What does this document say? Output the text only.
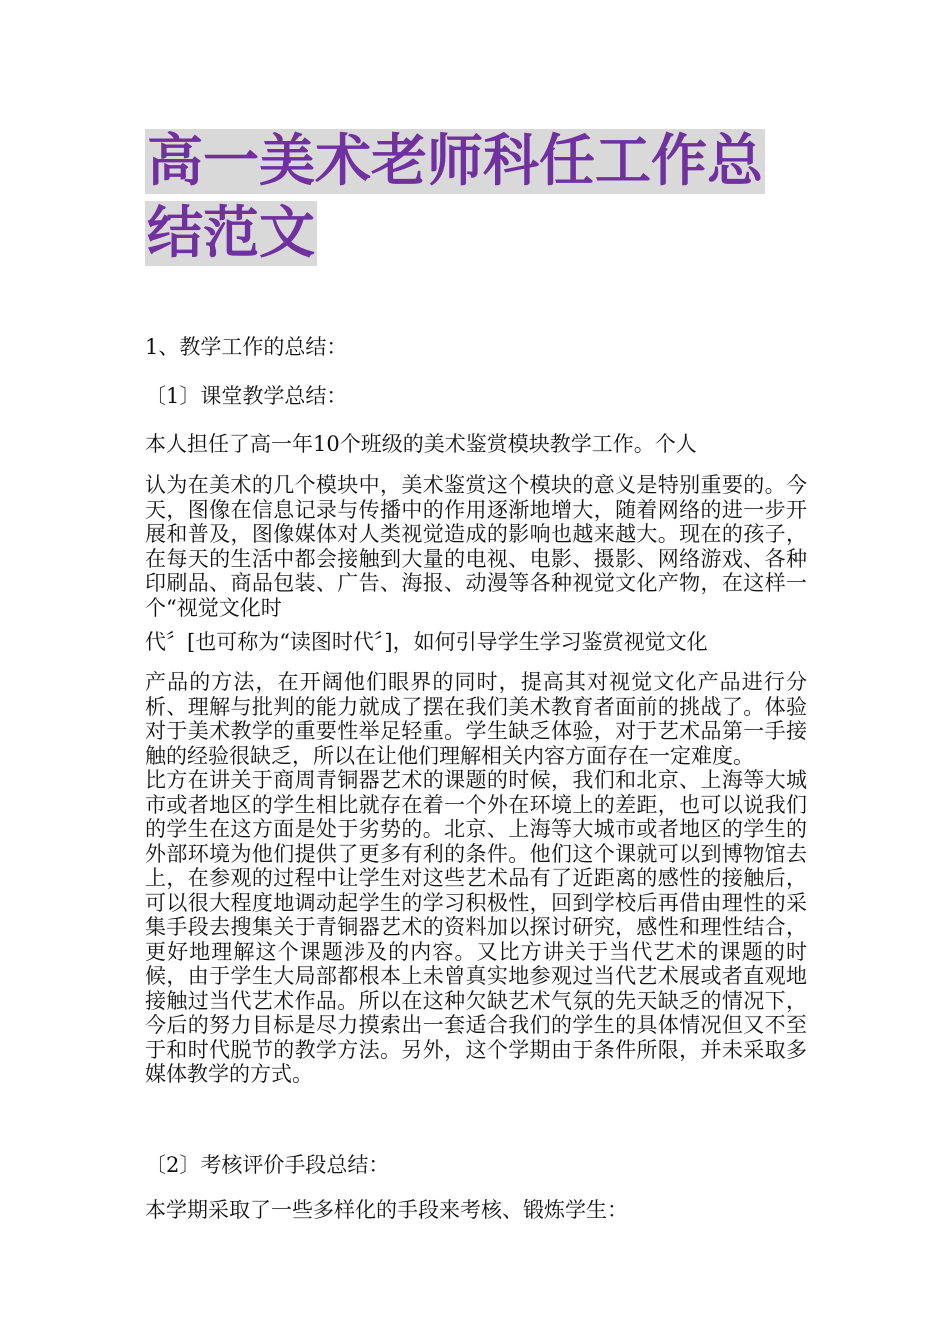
高一美术老师科任工作总结范文

1、教学工作的总结：

〔1〕课堂教学总结：

本人担任了高一年10个班级的美术鉴赏模块教学工作。个人

认为在美术的几个模块中，美术鉴赏这个模块的意义是特别重要的。今天，图像在信息记录与传播中的作用逐渐地增大，随着网络的进一步开展和普及，图像媒体对人类视觉造成的影响也越来越大。现在的孩子，在每天的生活中都会接触到大量的电视、电影、摄影、网络游戏、各种印刷品、商品包装、广告、海报、动漫等各种视觉文化产物，在这样一个“视觉文化时

代〞[也可称为“读图时代〞]，如何引导学生学习鉴赏视觉文化

产品的方法，在开阔他们眼界的同时，提高其对视觉文化产品进行分析、理解与批判的能力就成了摆在我们美术教育者面前的挑战了。体验对于美术教学的重要性举足轻重。学生缺乏体验，对于艺术品第一手接触的经验很缺乏，所以在让他们理解相关内容方面存在一定难度。

比方在讲关于商周青铜器艺术的课题的时候，我们和北京、上海等大城市或者地区的学生相比就存在着一个外在环境上的差距，也可以说我们的学生在这方面是处于劣势的。北京、上海等大城市或者地区的学生的外部环境为他们提供了更多有利的条件。他们这个课就可以到博物馆去上，在参观的过程中让学生对这些艺术品有了近距离的感性的接触后，可以很大程度地调动起学生的学习积极性，回到学校后再借由理性的采集手段去搜集关于青铜器艺术的资料加以探讨研究，感性和理性结合，更好地理解这个课题涉及的内容。又比方讲关于当代艺术的课题的时候，由于学生大局部都根本上未曾真实地参观过当代艺术展或者直观地接触过当代艺术作品。所以在这种欠缺艺术气氛的先天缺乏的情况下，今后的努力目标是尽力摸索出一套适合我们的学生的具体情况但又不至于和时代脱节的教学方法。另外，这个学期由于条件所限，并未采取多媒体教学的方式。

〔2〕考核评价手段总结：

本学期采取了一些多样化的手段来考核、锻炼学生：
